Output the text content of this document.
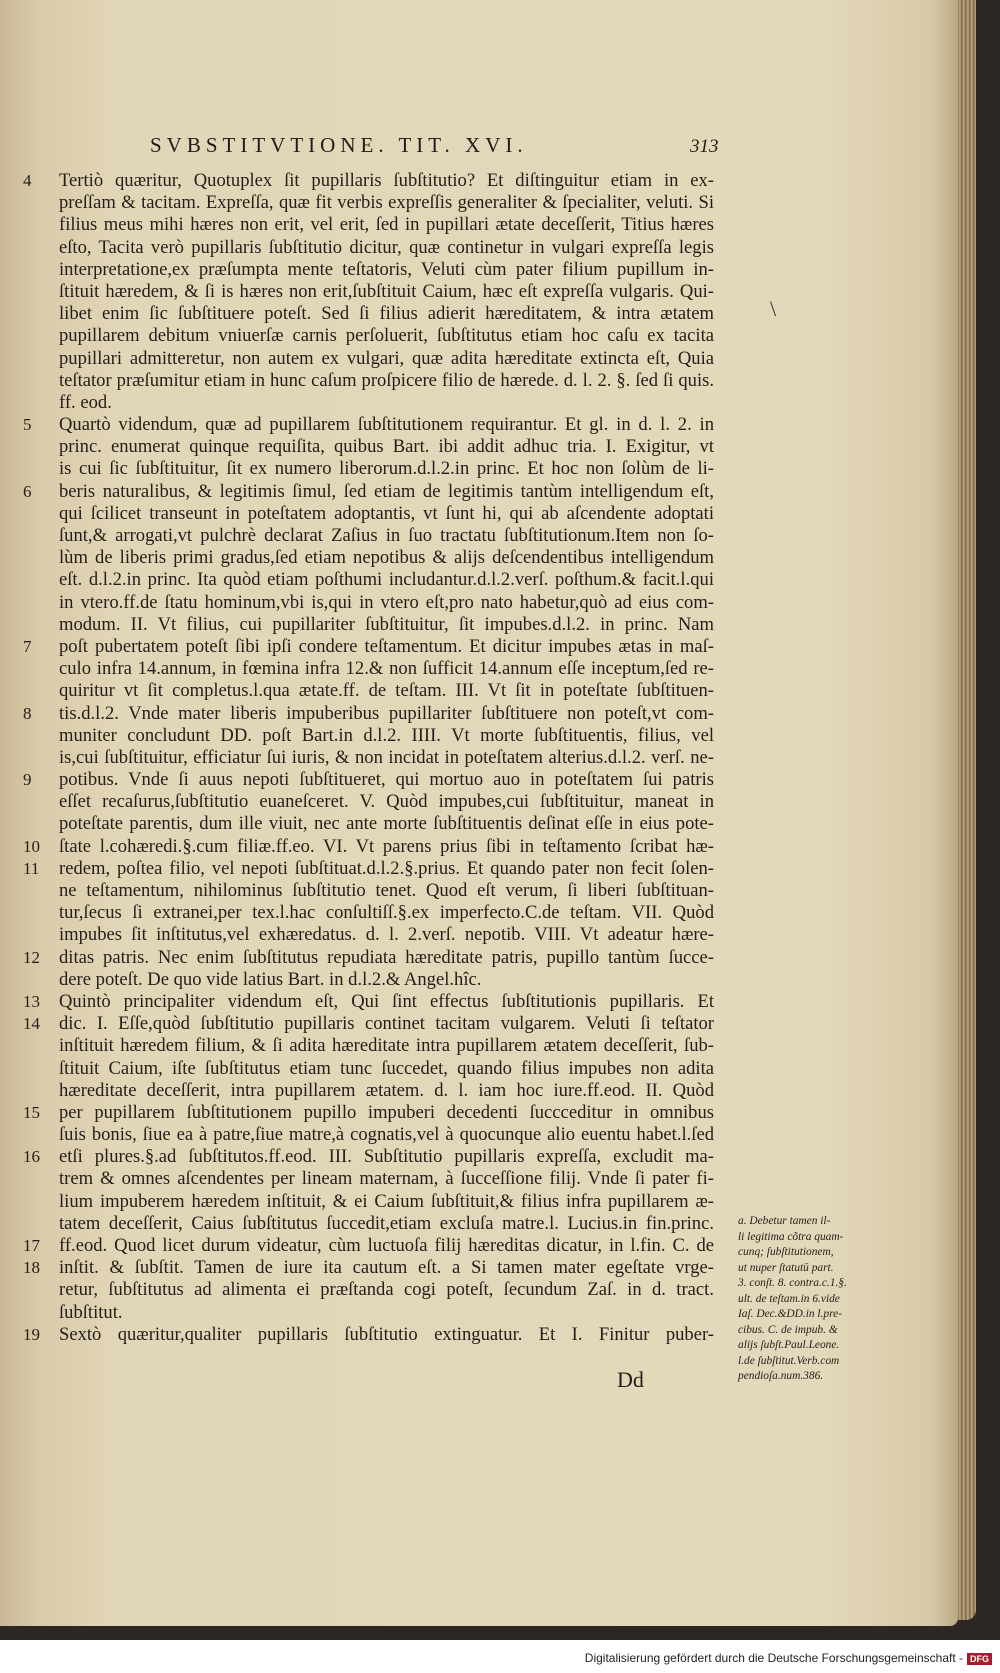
SVBSTITVTIONE. TIT. XVI.	313
4	Tertiò quæritur, Quotuplex ſit pupillaris ſubſtitutio? Et diſtinguitur etiam in ex-
preſſam & tacitam. Expreſſa, quæ fit verbis expreſſis generaliter & ſpecialiter, veluti. Si
filius meus mihi hæres non erit, vel erit, ſed in pupillari ætate deceſſerit, Titius hæres
eſto, Tacita verò pupillaris ſubſtitutio dicitur, quæ continetur in vulgari expreſſa legis
interpretatione,ex præſumpta mente teſtatoris, Veluti cùm pater filium pupillum in-
ſtituit hæredem, & ſi is hæres non erit,ſubſtituit Caium, hæc eſt expreſſa vulgaris. Qui-
libet enim ſic ſubſtituere poteſt. Sed ſi filius adierit hæreditatem, & intra ætatem
pupillarem debitum vniuerſæ carnis perſoluerit, ſubſtitutus etiam hoc caſu ex tacita
pupillari admitteretur, non autem ex vulgari, quæ adita hæreditate extincta eſt, Quia
teſtator præſumitur etiam in hunc caſum proſpicere filio de hærede. d. l. 2. §. ſed ſi quis.
ff. eod.
5	Quartò videndum, quæ ad pupillarem ſubſtitutionem requirantur. Et gl. in d. l. 2. in
princ. enumerat quinque requiſita, quibus Bart. ibi addit adhuc tria. I. Exigitur, vt
is cui ſic ſubſtituitur, ſit ex numero liberorum.d.l.2.in princ. Et hoc non ſolùm de li-
6	beris naturalibus, & legitimis ſimul, ſed etiam de legitimis tantùm intelligendum eſt,
qui ſcilicet transeunt in poteſtatem adoptantis, vt ſunt hi, qui ab aſcendente adoptati
ſunt,& arrogati,vt pulchrè declarat Zaſius in ſuo tractatu ſubſtitutionum.Item non ſo-
lùm de liberis primi gradus,ſed etiam nepotibus & alijs deſcendentibus intelligendum
eſt. d.l.2.in princ. Ita quòd etiam poſthumi includantur.d.l.2.verſ. poſthum.& facit.l.qui
in vtero.ff.de ſtatu hominum,vbi is,qui in vtero eſt,pro nato habetur,quò ad eius com-
modum. II. Vt filius, cui pupillariter ſubſtituitur, ſit impubes.d.l.2. in princ. Nam
7	poſt pubertatem poteſt ſibi ipſi condere teſtamentum. Et dicitur impubes ætas in maſ-
culo infra 14.annum, in fœmina infra 12.& non ſufficit 14.annum eſſe inceptum,ſed re-
quiritur vt ſit completus.l.qua ætate.ff. de teſtam. III. Vt ſit in poteſtate ſubſtituen-
8	tis.d.l.2. Vnde mater liberis impuberibus pupillariter ſubſtituere non poteſt,vt com-
muniter concludunt DD. poſt Bart.in d.l.2. IIII. Vt morte ſubſtituentis, filius, vel
is,cui ſubſtituitur, efficiatur ſui iuris, & non incidat in poteſtatem alterius.d.l.2. verſ. ne-
9	potibus. Vnde ſi auus nepoti ſubſtitueret, qui mortuo auo in poteſtatem ſui patris
eſſet recaſurus,ſubſtitutio euaneſceret. V. Quòd impubes,cui ſubſtituitur, maneat in
poteſtate parentis, dum ille viuit, nec ante morte ſubſtituentis deſinat eſſe in eius pote-
10 ſtate l.cohæredi.§.cum filiæ.ff.eo. VI. Vt parens prius ſibi in teſtamento ſcribat hæ-
11	redem, poſtea filio, vel nepoti ſubſtituat.d.l.2.§.prius. Et quando pater non fecit ſolen-
ne teſtamentum, nihilominus ſubſtitutio tenet. Quod eſt verum, ſi liberi ſubſtituan-
tur,ſecus ſi extranei,per tex.l.hac conſultiſſ.§.ex imperfecto.C.de teſtam. VII. Quòd
impubes ſit inſtitutus,vel exhæredatus. d. l. 2.verſ. nepotib. VIII. Vt adeatur hære-
12 ditas patris. Nec enim ſubſtitutus repudiata hæreditate patris, pupillo tantùm ſucce-
dere poteſt. De quo vide latius Bart. in d.l.2.& Angel.hîc.
13 Quintò principaliter videndum eſt, Qui ſint effectus ſubſtitutionis pupillaris. Et
14 dic. I. Eſſe,quòd ſubſtitutio pupillaris continet tacitam vulgarem. Veluti ſi teſtator
inſtituit hæredem filium, & ſi adita hæreditate intra pupillarem ætatem deceſſerit, ſub-
ſtituit Caium, iſte ſubſtitutus etiam tunc ſuccedet, quando filius impubes non adita
hæreditate deceſſerit, intra pupillarem ætatem. d. l. iam hoc iure.ff.eod. II. Quòd
15 per pupillarem ſubſtitutionem pupillo impuberi decedenti ſuccceditur in omnibus
ſuis bonis, ſiue ea à patre,ſiue matre,à cognatis,vel à quocunque alio euentu habet.l.ſed
16 etſi plures.§.ad ſubſtitutos.ff.eod. III. Subſtitutio pupillaris expreſſa, excludit ma-
trem & omnes aſcendentes per lineam maternam, à ſucceſſione filij. Vnde ſi pater fi-
lium impuberem hæredem inſtituit, & ei Caium ſubſtituit,& filius infra pupillarem æ-
tatem deceſſerit, Caius ſubſtitutus ſuccedit,etiam excluſa matre.l. Lucius.in fin.princ.
17 ff.eod. Quod licet durum videatur, cùm luctuoſa filij hæreditas dicatur, in l.fin. C. de
18 inſtit. & ſubſtit. Tamen de iure ita cautum eſt. a Si tamen mater egeſtate vrge-
retur, ſubſtitutus ad alimenta ei præſtanda cogi poteſt, ſecundum Zaſ. in d. tract.
ſubſtitut.
19 Sextò quæritur,qualiter pupillaris ſubſtitutio extinguatur. Et I. Finitur puber-
\
a. Debetur tamen il-
li legitima cõtra quam-
cunq; ſubſtitutionem,
ut nuper ſtatutū part.
3. conſt. 8. contra.c.1.§.
ult. de teſtam.in 6.vide
Iaſ. Dec.&DD.in l.pre-
cibus. C. de impub. &
alijs ſubſt.Paul.Leone.
l.de ſubſtitut.Verb.com
pendioſa.num.386.
Dd
Digitalisierung gefördert durch die Deutsche Forschungsgemeinschaft - DFG
